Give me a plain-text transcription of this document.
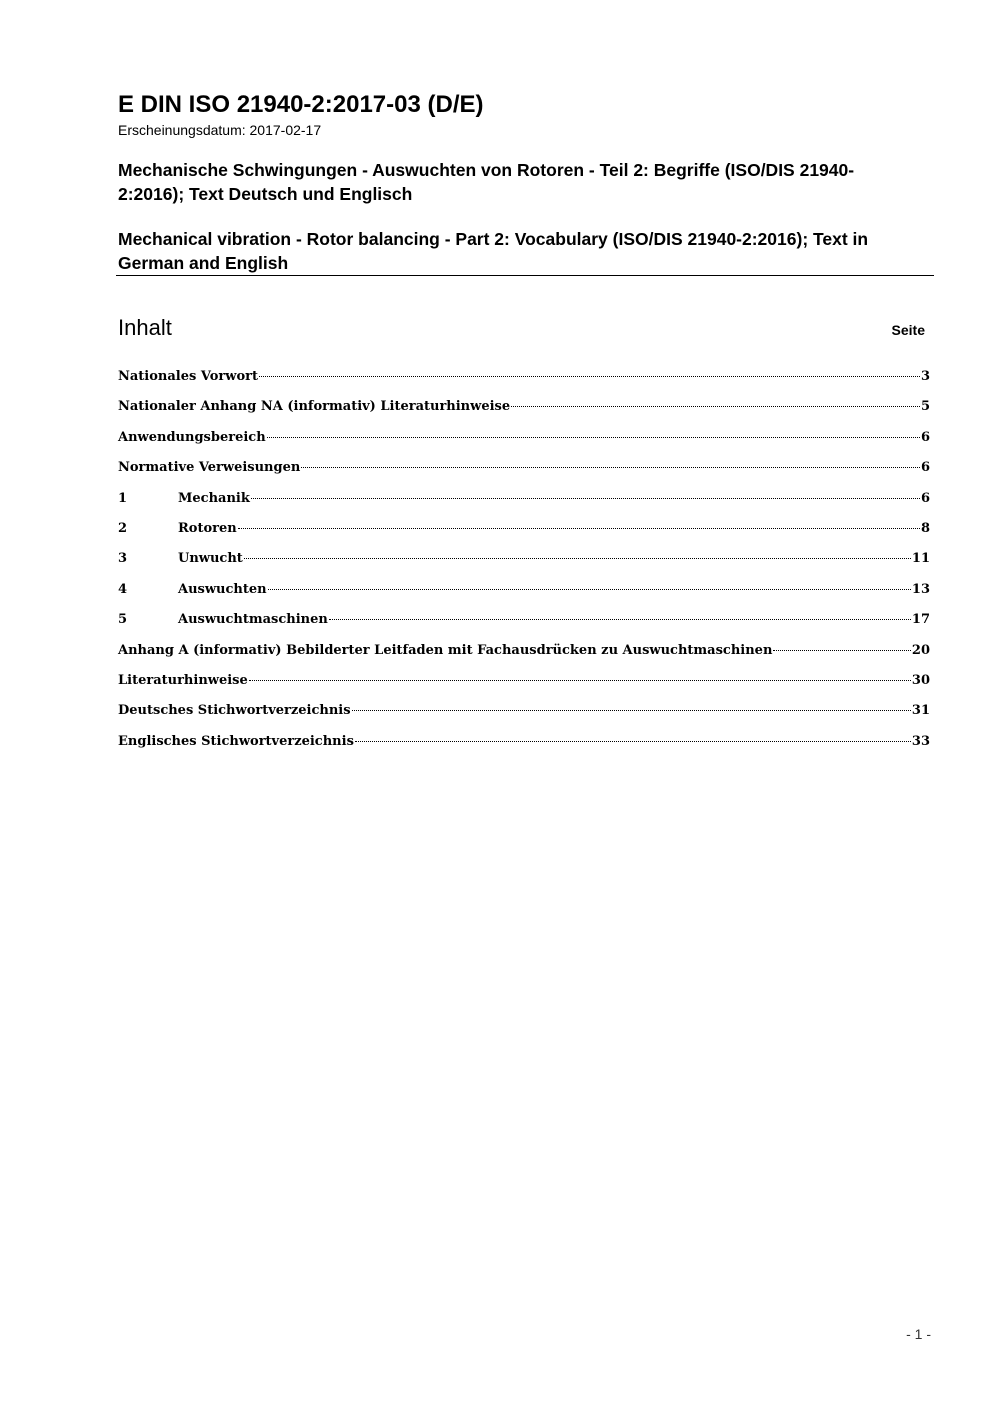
E DIN ISO 21940-2:2017-03 (D/E)
Erscheinungsdatum: 2017-02-17
Mechanische Schwingungen - Auswuchten von Rotoren - Teil 2: Begriffe (ISO/DIS 21940-2:2016); Text Deutsch und Englisch
Mechanical vibration - Rotor balancing - Part 2: Vocabulary (ISO/DIS 21940-2:2016); Text in German and English
Inhalt	Seite
Nationales Vorwort	3
Nationaler Anhang NA (informativ) Literaturhinweise	5
Anwendungsbereich	6
Normative Verweisungen	6
1	Mechanik	6
2	Rotoren	8
3	Unwucht	11
4	Auswuchten	13
5	Auswuchtmaschinen	17
Anhang A (informativ) Bebilderter Leitfaden mit Fachausdrücken zu Auswuchtmaschinen	20
Literaturhinweise	30
Deutsches Stichwortverzeichnis	31
Englisches Stichwortverzeichnis	33
- 1 -
